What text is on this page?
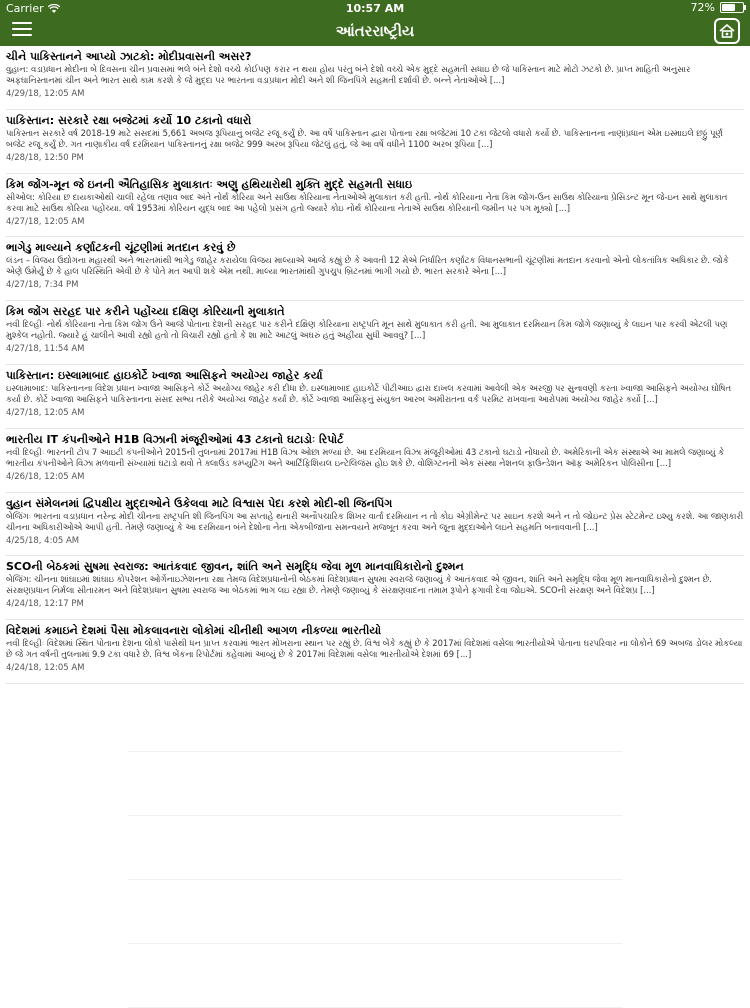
Carrier	10:57 AM	72%
આંતરરાષ્ટ્રીય
ચીને પાકિસ્તાનને આપ્યો ઝાટકો: મોદીપ્રવાસની અસર?
વુહાન: વડાપ્રધાન મોદીના બે દિવસના ચીન પ્રવાસમાં ભલે બંને દેશો વચ્ચે કોઈપણ કરાર ન થયા હોય પરંતુ બંને દેશો વચ્ચે એક મુદ્દે સહમતી સધાઇ છે જે પાકિસ્તાન માટે મોટો ઝટકો છે. પ્રાપ્ત માહિતી અનુસાર અફઘાનિસ્તાનમાં ચીન અને ભારત સાથે કામ કરશે કે જે મુદ્દા પર ભારતના વડાપ્રધાન મોદી અને શી જિનપિંગે સહમતી દર્શાવી છે. બન્ને નેતાઓએ [...]
4/29/18, 12:05 AM
પાકિસ્તાન: સરકારે રક્ષા બજેટમાં કર્યો 10 ટકાનો વધારો
પાકિસ્તાન સરકારે વર્ષ 2018-19 માટે સંસદમાં 5,661 અબજ રૂપિયાનું બજેટ રજૂ કર્યું છે. આ વર્ષે પાકિસ્તાન દ્વારા પોતાના રક્ષા બજેટમાં 10 ટકા જેટલો વધારો કર્યો છે. પાકિસ્તાનના નાણાંપ્રધાન એમ ઇસ્માઇલે છઠ્ઠું પૂર્ણ બજેટ રજૂ કર્યું છે. ગત નાણાકીય વર્ષ દરમિયાન પાકિસ્તાનનું રક્ષા બજેટ 999 અરબ રૂપિયા જેટલું હતું, જે આ વર્ષે વધીને 1100 અરબ રૂપિયા [...]
4/28/18, 12:50 PM
કિમ જોંગ-મૂન જે ઇનની ઐતિહાસિક મુલાકાતઃ અણુ હથિયારોથી મુક્તિ મુદ્દે સહમતી સધાઇ
સીઓલ: કોરિયા છ દાયકાઓથી ચાલી રહેલા તણાવ બાદ અંતે નોર્થ કોરિયા અને સાઉથ કોરિયાના નેતાઓએ મુલાકાત કરી હતી. નોર્થ કોરિયાના નેતા કિમ જોંગ-ઉન સાઉથ કોરિયાના પ્રેસિડન્ટ મૂન જે-ઇન સાથે મુલાકાત કરવા માટે સાઉથ કોરિયા પહોંચ્યા. વર્ષ 1953માં કોરિયન યુદ્ધ બાદ આ પહેલો પ્રસંગ હતો જ્યારે કોઇ નોર્થ કોરિયાના નેતાએ સાઉથ કોરિયાની જમીન પર પગ મૂક્યો [...]
4/27/18, 12:05 AM
ભાગેડુ માલ્યાને કર્ણાટકની ચૂંટણીમાં મતદાન કરવું છે
લંડન – વિજય ઉદ્યોગના મહારથી અને ભારતમાંથી ભાગેડુ જાહેર કરાયેલા વિજય માલ્યાએ આજે કહ્યું છે કે આવતી 12 મેએ નિર્ધારિત કર્ણાટક વિધાનસભાની ચૂંટણીમાં મતદાન કરવાનો એનો લોકતાંત્રિક અધિકાર છે. જોકે એણે ઉમેર્યું છે કે હાલ પરિસ્થિતિ એવી છે કે પોતે મત આપી શકે એમ નથી. માલ્યા ભારતમાંથી ગુપચુપ બ્રિટનમાં ભાગી ગયો છે. ભારત સરકારે એના [...]
4/27/18, 7:34 PM
કિમ જોંગ સરહદ પાર કરીને પહોંચ્યા દક્ષિણ કોરિયાની મુલાકાતે
નવી દિલ્હીઃ નોર્થ કોરિયાના નેતા કિમ જોંગ ઉને આજે પોતાના દેશની સરહદ પાર કરીને દક્ષિણ કોરિયાના રાષ્ટ્રપતિ મૂન સાથે મુલાકાત કરી હતી. આ મુલાકાત દરમિયાન કિમ જોંગે જણાવ્યું કે લાઇન પાર કરવી એટલી પણ મુશ્કેલ નહોતી. જ્યારે હું ચાલીને આવી રહ્યો હતો તો વિચારી રહ્યો હતો કે શા માટે આટલું અઘરું હતું અહીંયા સુધી આવવું? [...]
4/27/18, 11:54 AM
પાકિસ્તાન: ઇસ્લામાબાદ હાઇકોર્ટે ખ્વાજા આસિફને અયોગ્ય જાહેર કર્યા
ઇસ્લામાબાદ: પાકિસ્તાનના વિદેશ પ્રધાન ખ્વાજા આસિફને કોર્ટે અયોગ્ય જાહેર કરી દીધા છે. ઇસ્લામાબાદ હાઇકોર્ટે પીટીઆઇ દ્વારા દાખલ કરવામાં આવેલી એક અરજી પર સુનાવણી કરતા ખ્વાજા આસિફને અયોગ્ય ઘોષિત કર્યા છે. કોર્ટે ખ્વાજા આસિફને પાકિસ્તાનના સંસદ સભ્ય તરીકે અયોગ્ય જાહેર કર્યા છે. કોર્ટે ખ્વાજા આસિફનું સંયુક્ત આરબ અમીરાતના વર્ક પરમિટ રાખવાના આરોપમાં અયોગ્ય જાહેર કર્યો [...]
4/27/18, 12:05 AM
ભારતીય IT કંપનીઓને H1B વિઝાની મંજૂરીઓમાં 43 ટકાનો ઘટાડોઃ રિપોર્ટ
નવી દિલ્હીઃ ભારતની ટોપ 7 આઇટી કંપનીઓને 2015ની તુલનામાં 2017માં H1B વિઝા ઓછા મળ્યાં છે. આ દરમિયાન વિઝા મંજૂરીઓમાં 43 ટકાનો ઘટાડો નોંધાયો છે. અમેરિકાની એક સંસ્થાએ આ મામલે જણાવ્યું કે ભારતીય કંપનીઓને વિઝા મળવાની સંખ્યામાં ઘટાડો થવો તે ક્લાઉડ કમ્પ્યુટિંગ અને આર્ટિફિશિયલ ઇન્ટેલિજંસ હોઇ શકે છે. વોશિંગ્ટનની એક સંસ્થા નેશનલ ફાઉન્ડેશન ઑફ અમેરિકન પોલિસીના [...]
4/26/18, 12:05 AM
વુહાન સંમેલનમાં દ્વિપક્ષીય મુદ્દાઓને ઉકેલવા માટે વિશ્વાસ પેદા કરશે મોદી-શી જિનપિંગ
બેજિંગઃ ભારતના વડાપ્રધાન નરેન્દ્ર મોદી ચીનના રાષ્ટ્રપતિ શી જિનપિંગ આ સપ્તાહે થનારી અનૌપચારિક શિખર વાર્તા દરમિયાન ન તો કોઇ એગ્રીમેન્ટ પર સાઇન કરશે અને ન તો જોઇન્ટ પ્રેસ સ્ટેટમેન્ટ ઇશ્યુ કરશે. આ જાણકારી ચીનના અધિકારીઓએ આપી હતી. તેમણે જણાવ્યું કે આ દરમિયાન બંને દેશોના નેતા એકબીજાના સમન્વયને મજબૂત કરવા અને જૂના મુદ્દાઓને લઇને સહમતિ બનાવવાની [...]
4/25/18, 4:05 AM
SCOની બેઠકમાં સુષમા સ્વરાજ: આતંકવાદ જીવન, શાંતિ અને સમૃદ્ધિ જેવા મૂળ માનવાધિકારોનો દુશ્મન
બેજિંગ: ચીનના શાંઘાઇમાં શાંઘાઇ કોપરેશન ઓર્ગેનાઇઝેશનના રક્ષા તેમજ વિદેશપ્રધાનોની બેઠકમાં વિદેશપ્રધાન સુષમા સ્વરાજે જણાવ્યું કે આતંકવાદ એ જીવન, શાંતિ અને સમૃદ્ધિ જેવા મૂળ માનવાધિકારોનો દુશ્મન છે. સંરક્ષણપ્રધાન નિર્મલા સીતારમન અને વિદેશપ્રધાન સુષમા સ્વરાજ આ બેઠકમાં ભાગ લઇ રહ્યા છે. તેમણે જણાવ્યું કે સંરક્ષણવાદના તમામ રૂપોને ફગાવી દેવા જોઇએ. SCOની સંરક્ષણ અને વિદેશપ્ર [...]
4/24/18, 12:17 PM
વિદેશમાં કમાઇને દેશમાં પૈસા મોકલાવનારા લોકોમાં ચીનીથી આગળ નીકળ્યા ભારતીયો
નવી દિલ્હીઃ વિદેશમાં સ્થિત પોતાના દેશના લોકો પાસેથી ધન પ્રાપ્ત કરવામાં ભારત મોખરાના સ્થાન પર રહ્યું છે. વિશ્વ બેંકે કહ્યું છે કે 2017માં વિદેશમાં વસેલા ભારતીયોએ પોતાના ઘરપરિવાર ના લોકોને 69 અબજ ડોલર મોકલ્યા છે જે ગત વર્ષની તુલનામાં 9.9 ટકા વધારે છે. વિશ્વ બેંકના રિપોર્ટમાં કહેવામાં આવ્યું છે કે 2017માં વિદેશમાં વસેલા ભારતીયોએ દેશમાં 69 [...]
4/24/18, 12:05 AM
